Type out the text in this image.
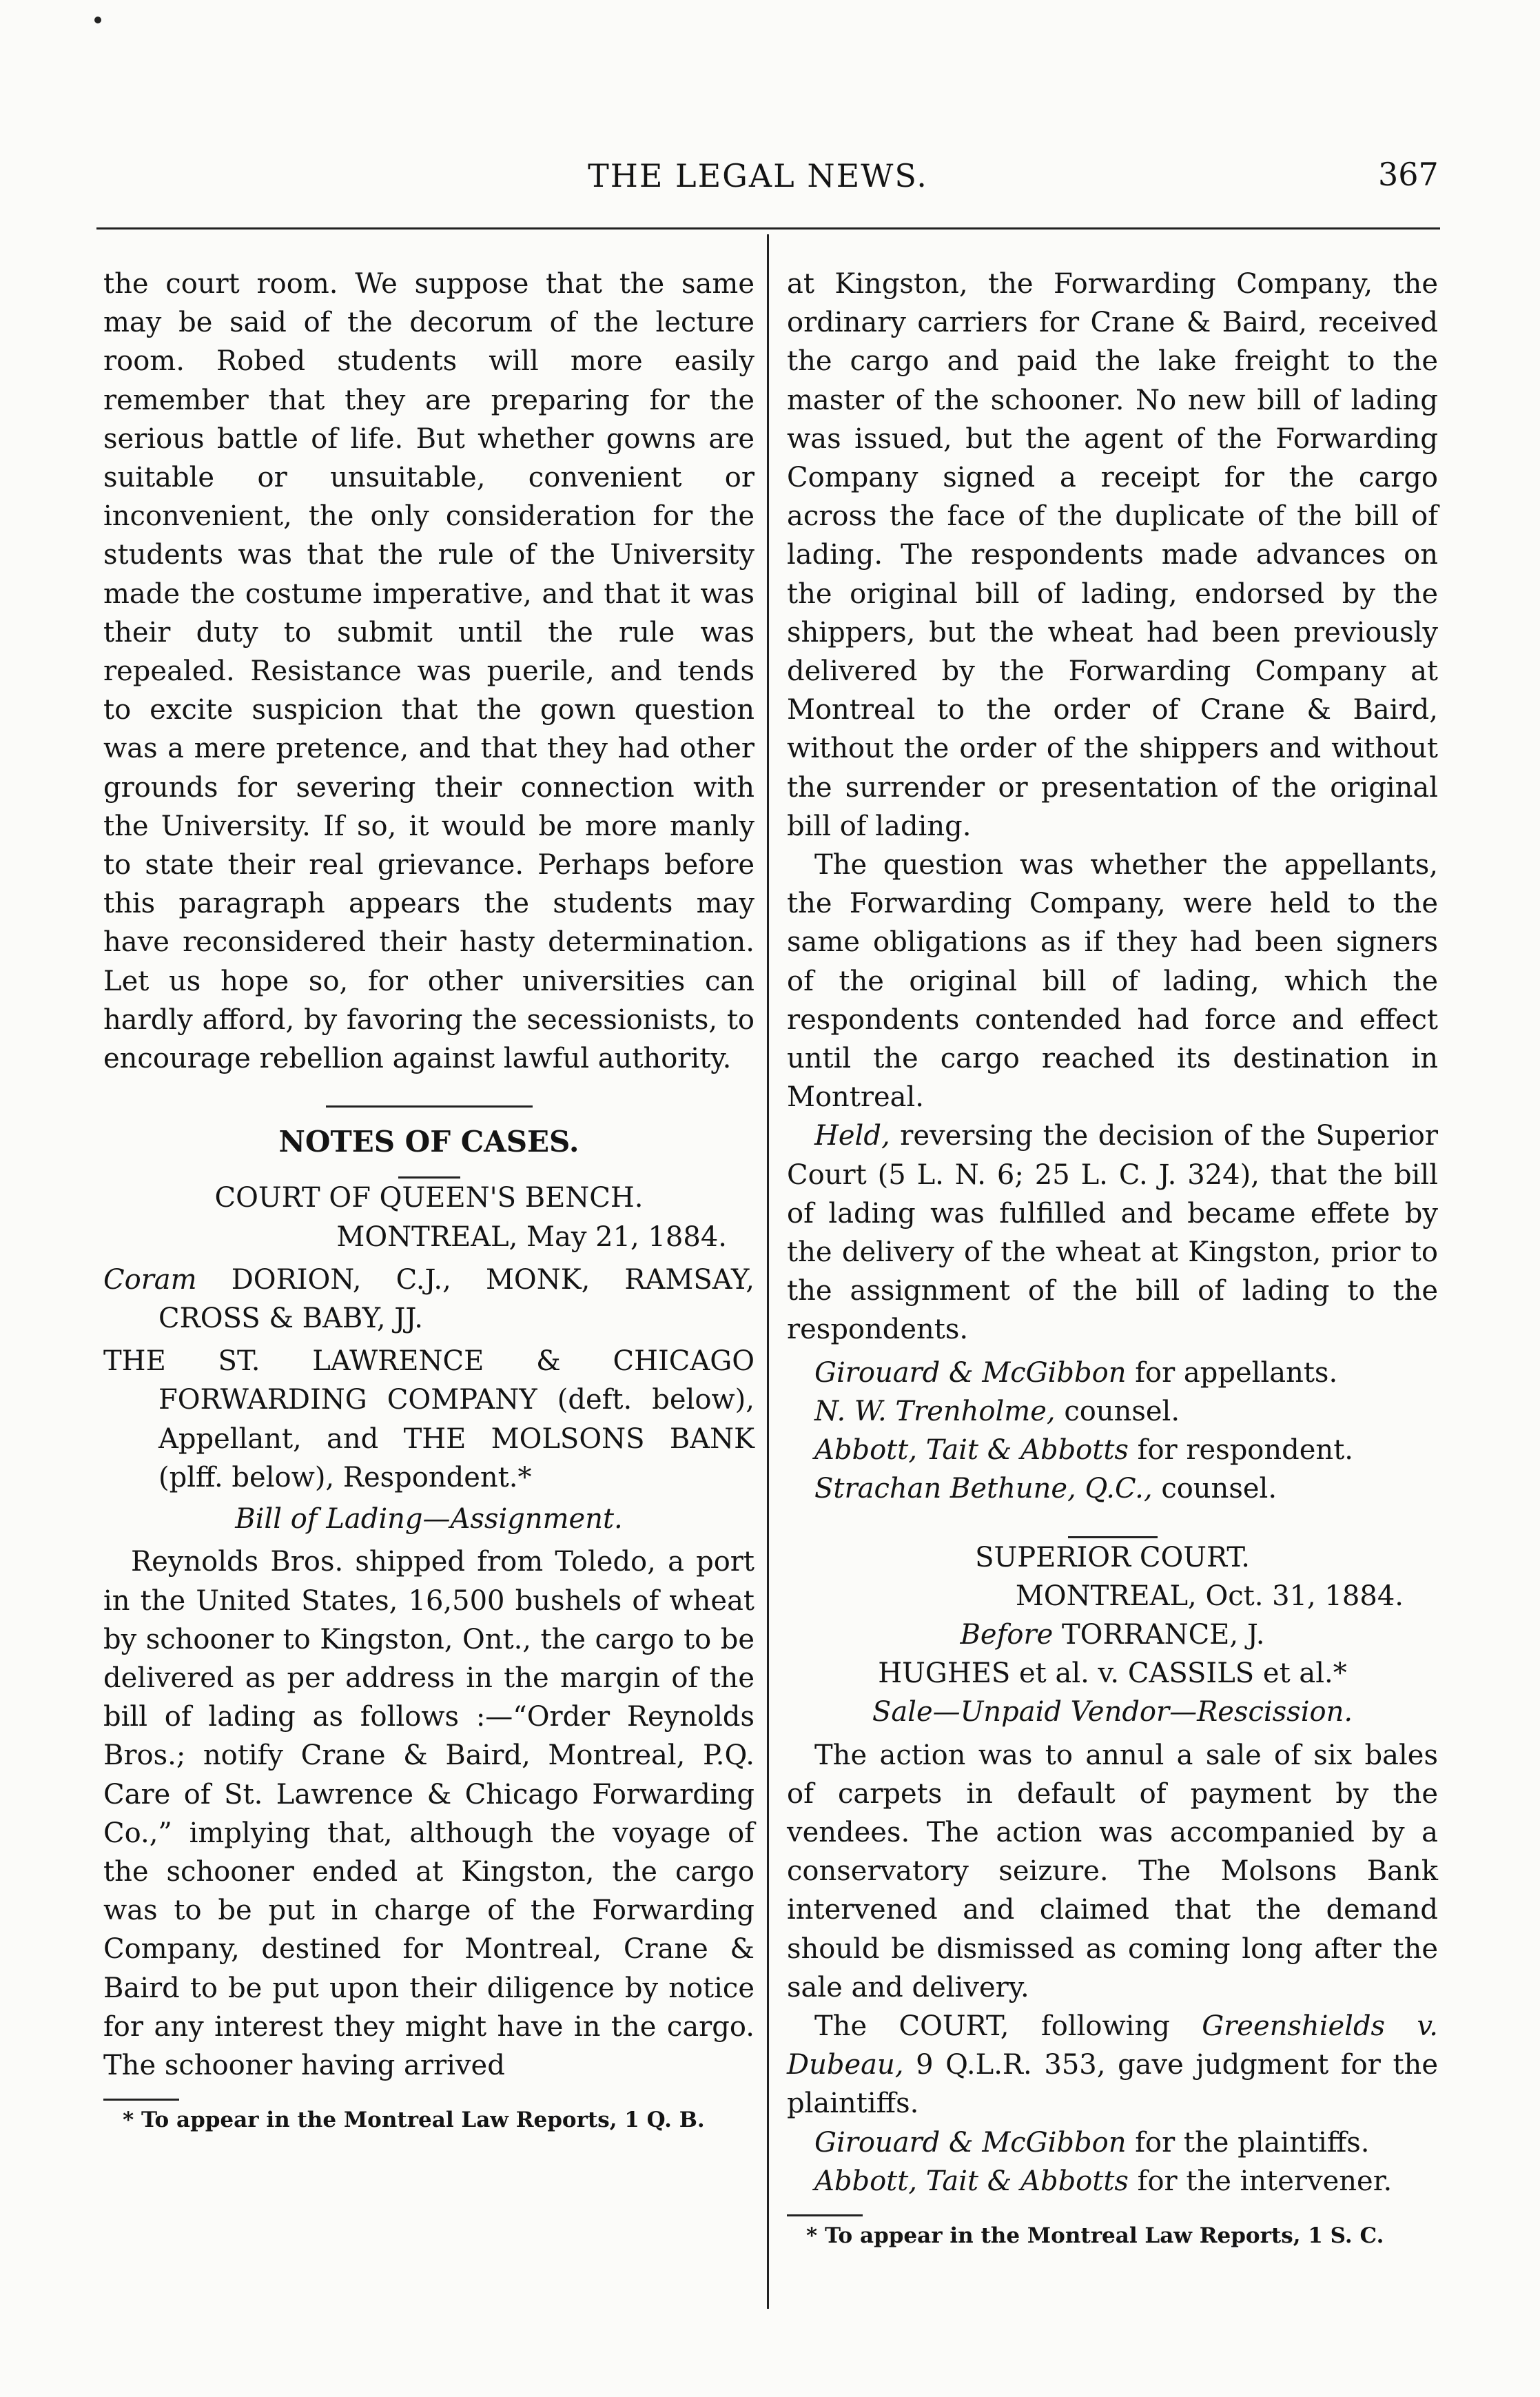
THE LEGAL NEWS.	367

the court room. We suppose that the same may be said of the decorum of the lecture room. Robed students will more easily remember that they are preparing for the serious battle of life. But whether gowns are suitable or unsuitable, convenient or inconvenient, the only consideration for the students was that the rule of the University made the costume imperative, and that it was their duty to submit until the rule was repealed. Resistance was puerile, and tends to excite suspicion that the gown question was a mere pretence, and that they had other grounds for severing their connection with the University. If so, it would be more manly to state their real grievance. Perhaps before this paragraph appears the students may have reconsidered their hasty determination. Let us hope so, for other universities can hardly afford, by favoring the secessionists, to encourage rebellion against lawful authority.

NOTES OF CASES.

COURT OF QUEEN'S BENCH.

MONTREAL, May 21, 1884.

Coram DORION, C.J., MONK, RAMSAY, CROSS & BABY, JJ.

THE ST. LAWRENCE & CHICAGO FORWARDING COMPANY (deft. below), Appellant, and THE MOLSONS BANK (plff. below), Respondent.*

Bill of Lading—Assignment.

Reynolds Bros. shipped from Toledo, a port in the United States, 16,500 bushels of wheat by schooner to Kingston, Ont., the cargo to be delivered as per address in the margin of the bill of lading as follows :—“Order Reynolds Bros.; notify Crane & Baird, Montreal, P.Q. Care of St. Lawrence & Chicago Forwarding Co.,” implying that, although the voyage of the schooner ended at Kingston, the cargo was to be put in charge of the Forwarding Company, destined for Montreal, Crane & Baird to be put upon their diligence by notice for any interest they might have in the cargo. The schooner having arrived

* To appear in the Montreal Law Reports, 1 Q. B.

at Kingston, the Forwarding Company, the ordinary carriers for Crane & Baird, received the cargo and paid the lake freight to the master of the schooner. No new bill of lading was issued, but the agent of the Forwarding Company signed a receipt for the cargo across the face of the duplicate of the bill of lading. The respondents made advances on the original bill of lading, endorsed by the shippers, but the wheat had been previously delivered by the Forwarding Company at Montreal to the order of Crane & Baird, without the order of the shippers and without the surrender or presentation of the original bill of lading.

The question was whether the appellants, the Forwarding Company, were held to the same obligations as if they had been signers of the original bill of lading, which the respondents contended had force and effect until the cargo reached its destination in Montreal.

Held, reversing the decision of the Superior Court (5 L. N. 6; 25 L. C. J. 324), that the bill of lading was fulfilled and became effete by the delivery of the wheat at Kingston, prior to the assignment of the bill of lading to the respondents.

Girouard & McGibbon for appellants.

N. W. Trenholme, counsel.

Abbott, Tait & Abbotts for respondent.

Strachan Bethune, Q.C., counsel.

SUPERIOR COURT.

MONTREAL, Oct. 31, 1884.

Before TORRANCE, J.

HUGHES et al. v. CASSILS et al.*

Sale—Unpaid Vendor—Rescission.

The action was to annul a sale of six bales of carpets in default of payment by the vendees. The action was accompanied by a conservatory seizure. The Molsons Bank intervened and claimed that the demand should be dismissed as coming long after the sale and delivery.

The COURT, following Greenshields v. Dubeau, 9 Q.L.R. 353, gave judgment for the plaintiffs.

Girouard & McGibbon for the plaintiffs.

Abbott, Tait & Abbotts for the intervener.

* To appear in the Montreal Law Reports, 1 S. C.
